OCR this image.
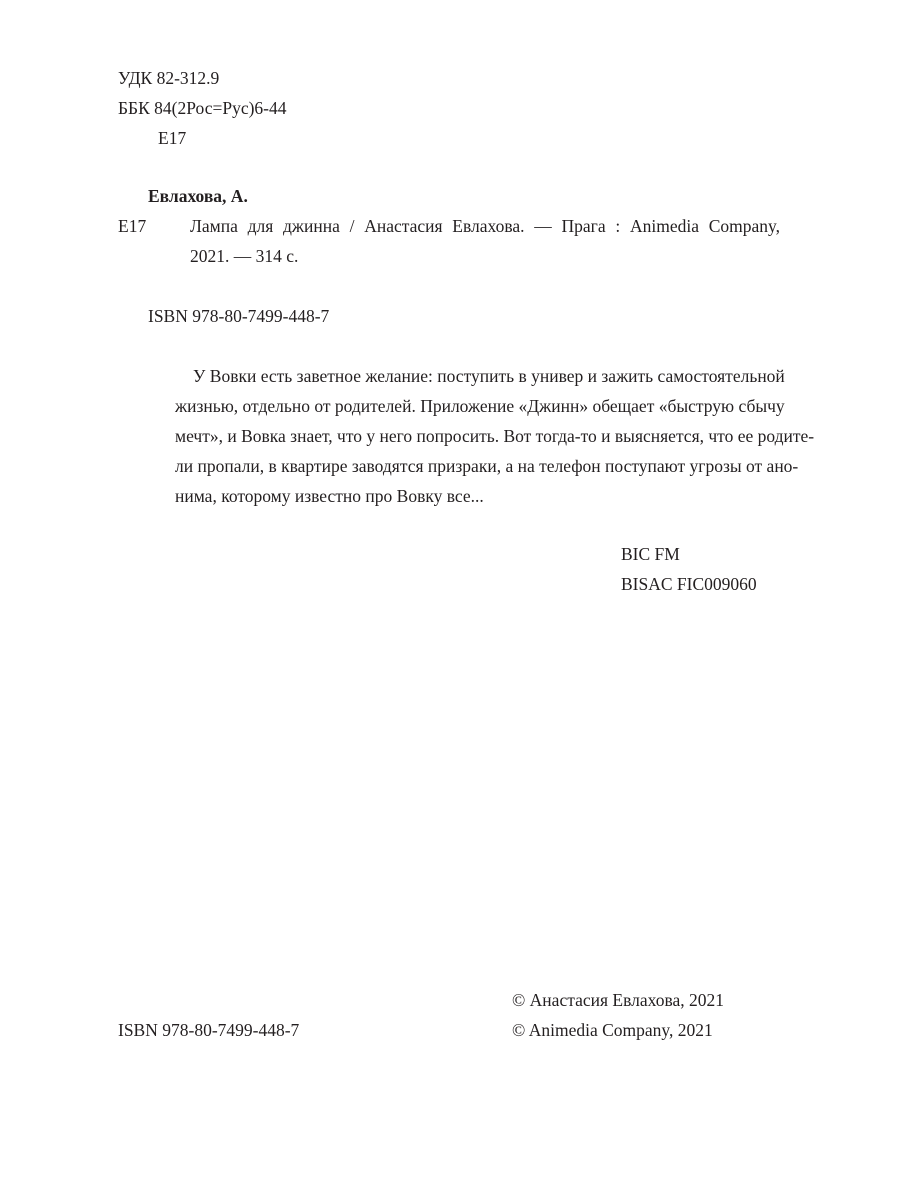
УДК 82-312.9
ББК 84(2Рос=Рус)6-44
Е17
Евлахова, А.
Е17	Лампа для джинна / Анастасия Евлахова. — Прага : Animedia Company,
2021. — 314 с.
ISBN 978-80-7499-448-7
У Вовки есть заветное желание: поступить в универ и зажить самостоятельной
жизнью, отдельно от родителей. Приложение «Джинн» обещает «быструю сбычу
мечт», и Вовка знает, что у него попросить. Вот тогда-то и выясняется, что ее родите-
ли пропали, в квартире заводятся призраки, а на телефон поступают угрозы от ано-
нима, которому известно про Вовку все...
BIC FM
BISAC FIC009060
© Анастасия Евлахова, 2021
ISBN 978-80-7499-448-7	© Animedia Company, 2021
